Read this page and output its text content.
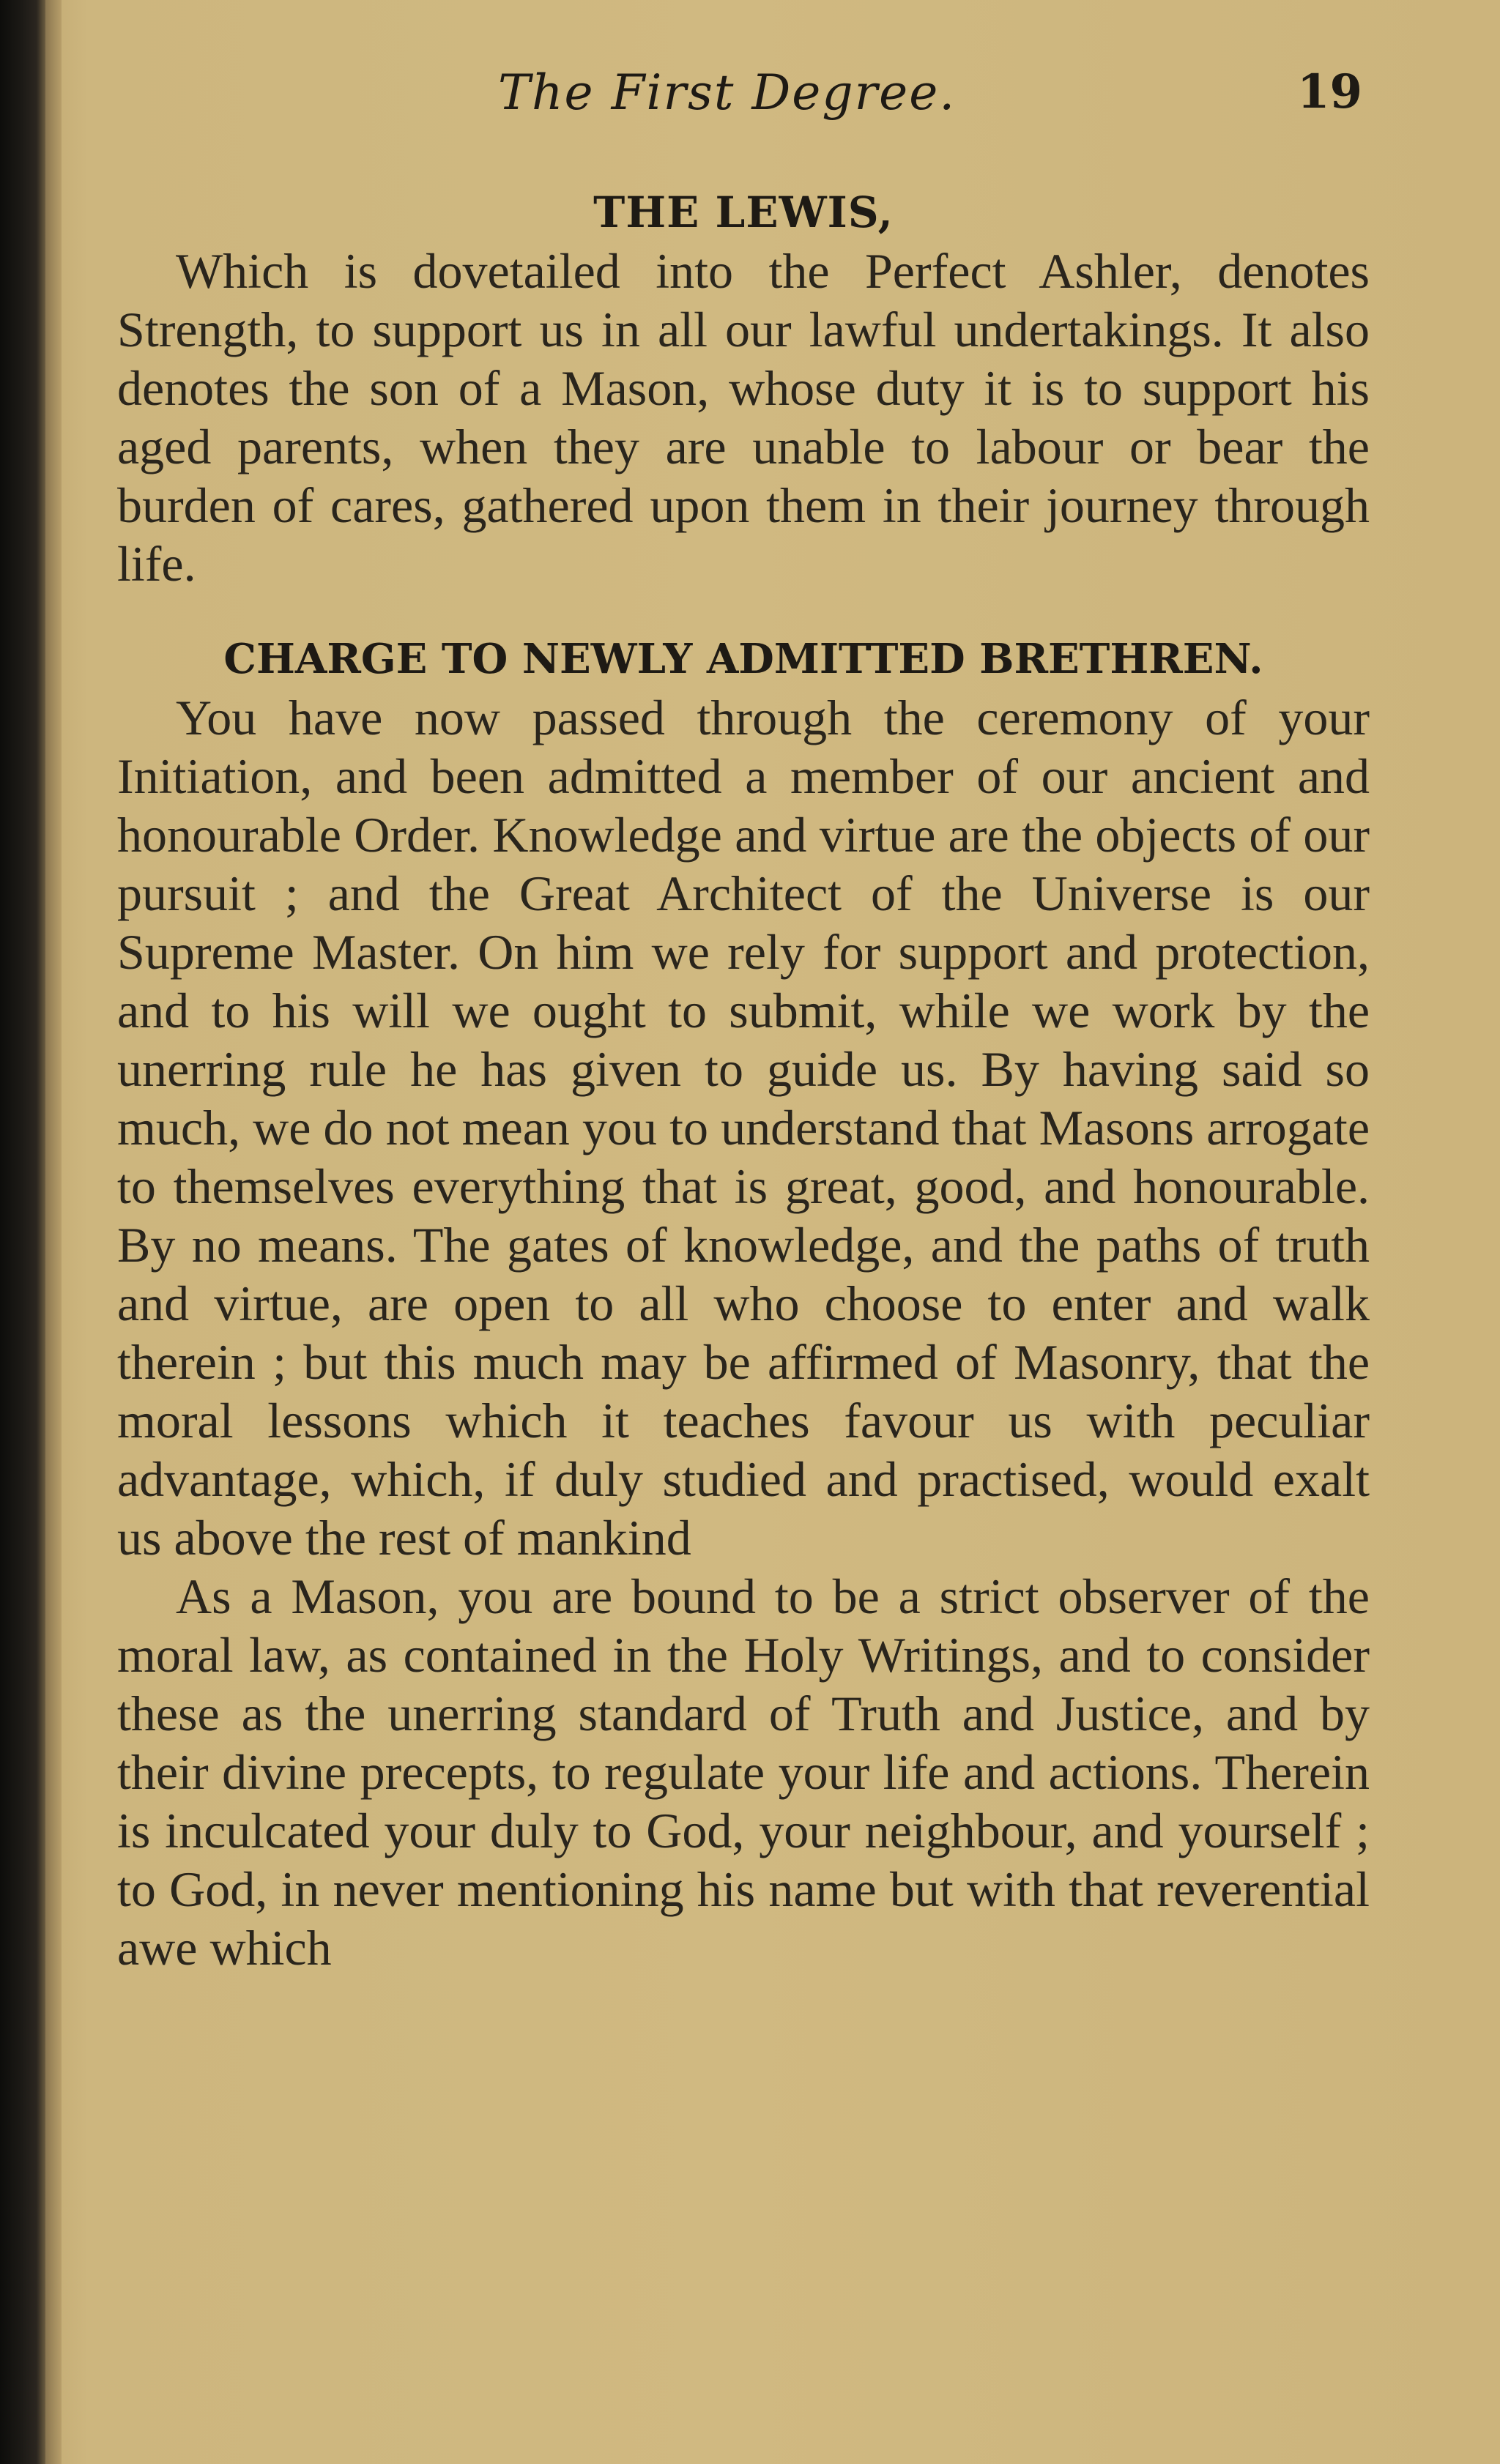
The First Degree.	19
THE LEWIS,

Which is dovetailed into the Perfect Ashler, denotes Strength, to support us in all our lawful undertakings. It also denotes the son of a Mason, whose duty it is to support his aged parents, when they are unable to labour or bear the burden of cares, gathered upon them in their journey through life.

CHARGE TO NEWLY ADMITTED BRETHREN.

You have now passed through the ceremony of your Initiation, and been admitted a member of our ancient and honourable Order. Knowledge and virtue are the objects of our pursuit ; and the Great Architect of the Universe is our Supreme Master. On him we rely for support and protection, and to his will we ought to submit, while we work by the unerring rule he has given to guide us. By having said so much, we do not mean you to understand that Masons arrogate to themselves everything that is great, good, and honourable. By no means. The gates of knowledge, and the paths of truth and virtue, are open to all who choose to enter and walk therein ; but this much may be affirmed of Masonry, that the moral lessons which it teaches favour us with peculiar advantage, which, if duly studied and practised, would exalt us above the rest of mankind

As a Mason, you are bound to be a strict observer of the moral law, as contained in the Holy Writings, and to consider these as the unerring standard of Truth and Justice, and by their divine precepts, to regulate your life and actions. Therein is inculcated your duly to God, your neighbour, and yourself ; to God, in never mentioning his name but with that reverential awe which
